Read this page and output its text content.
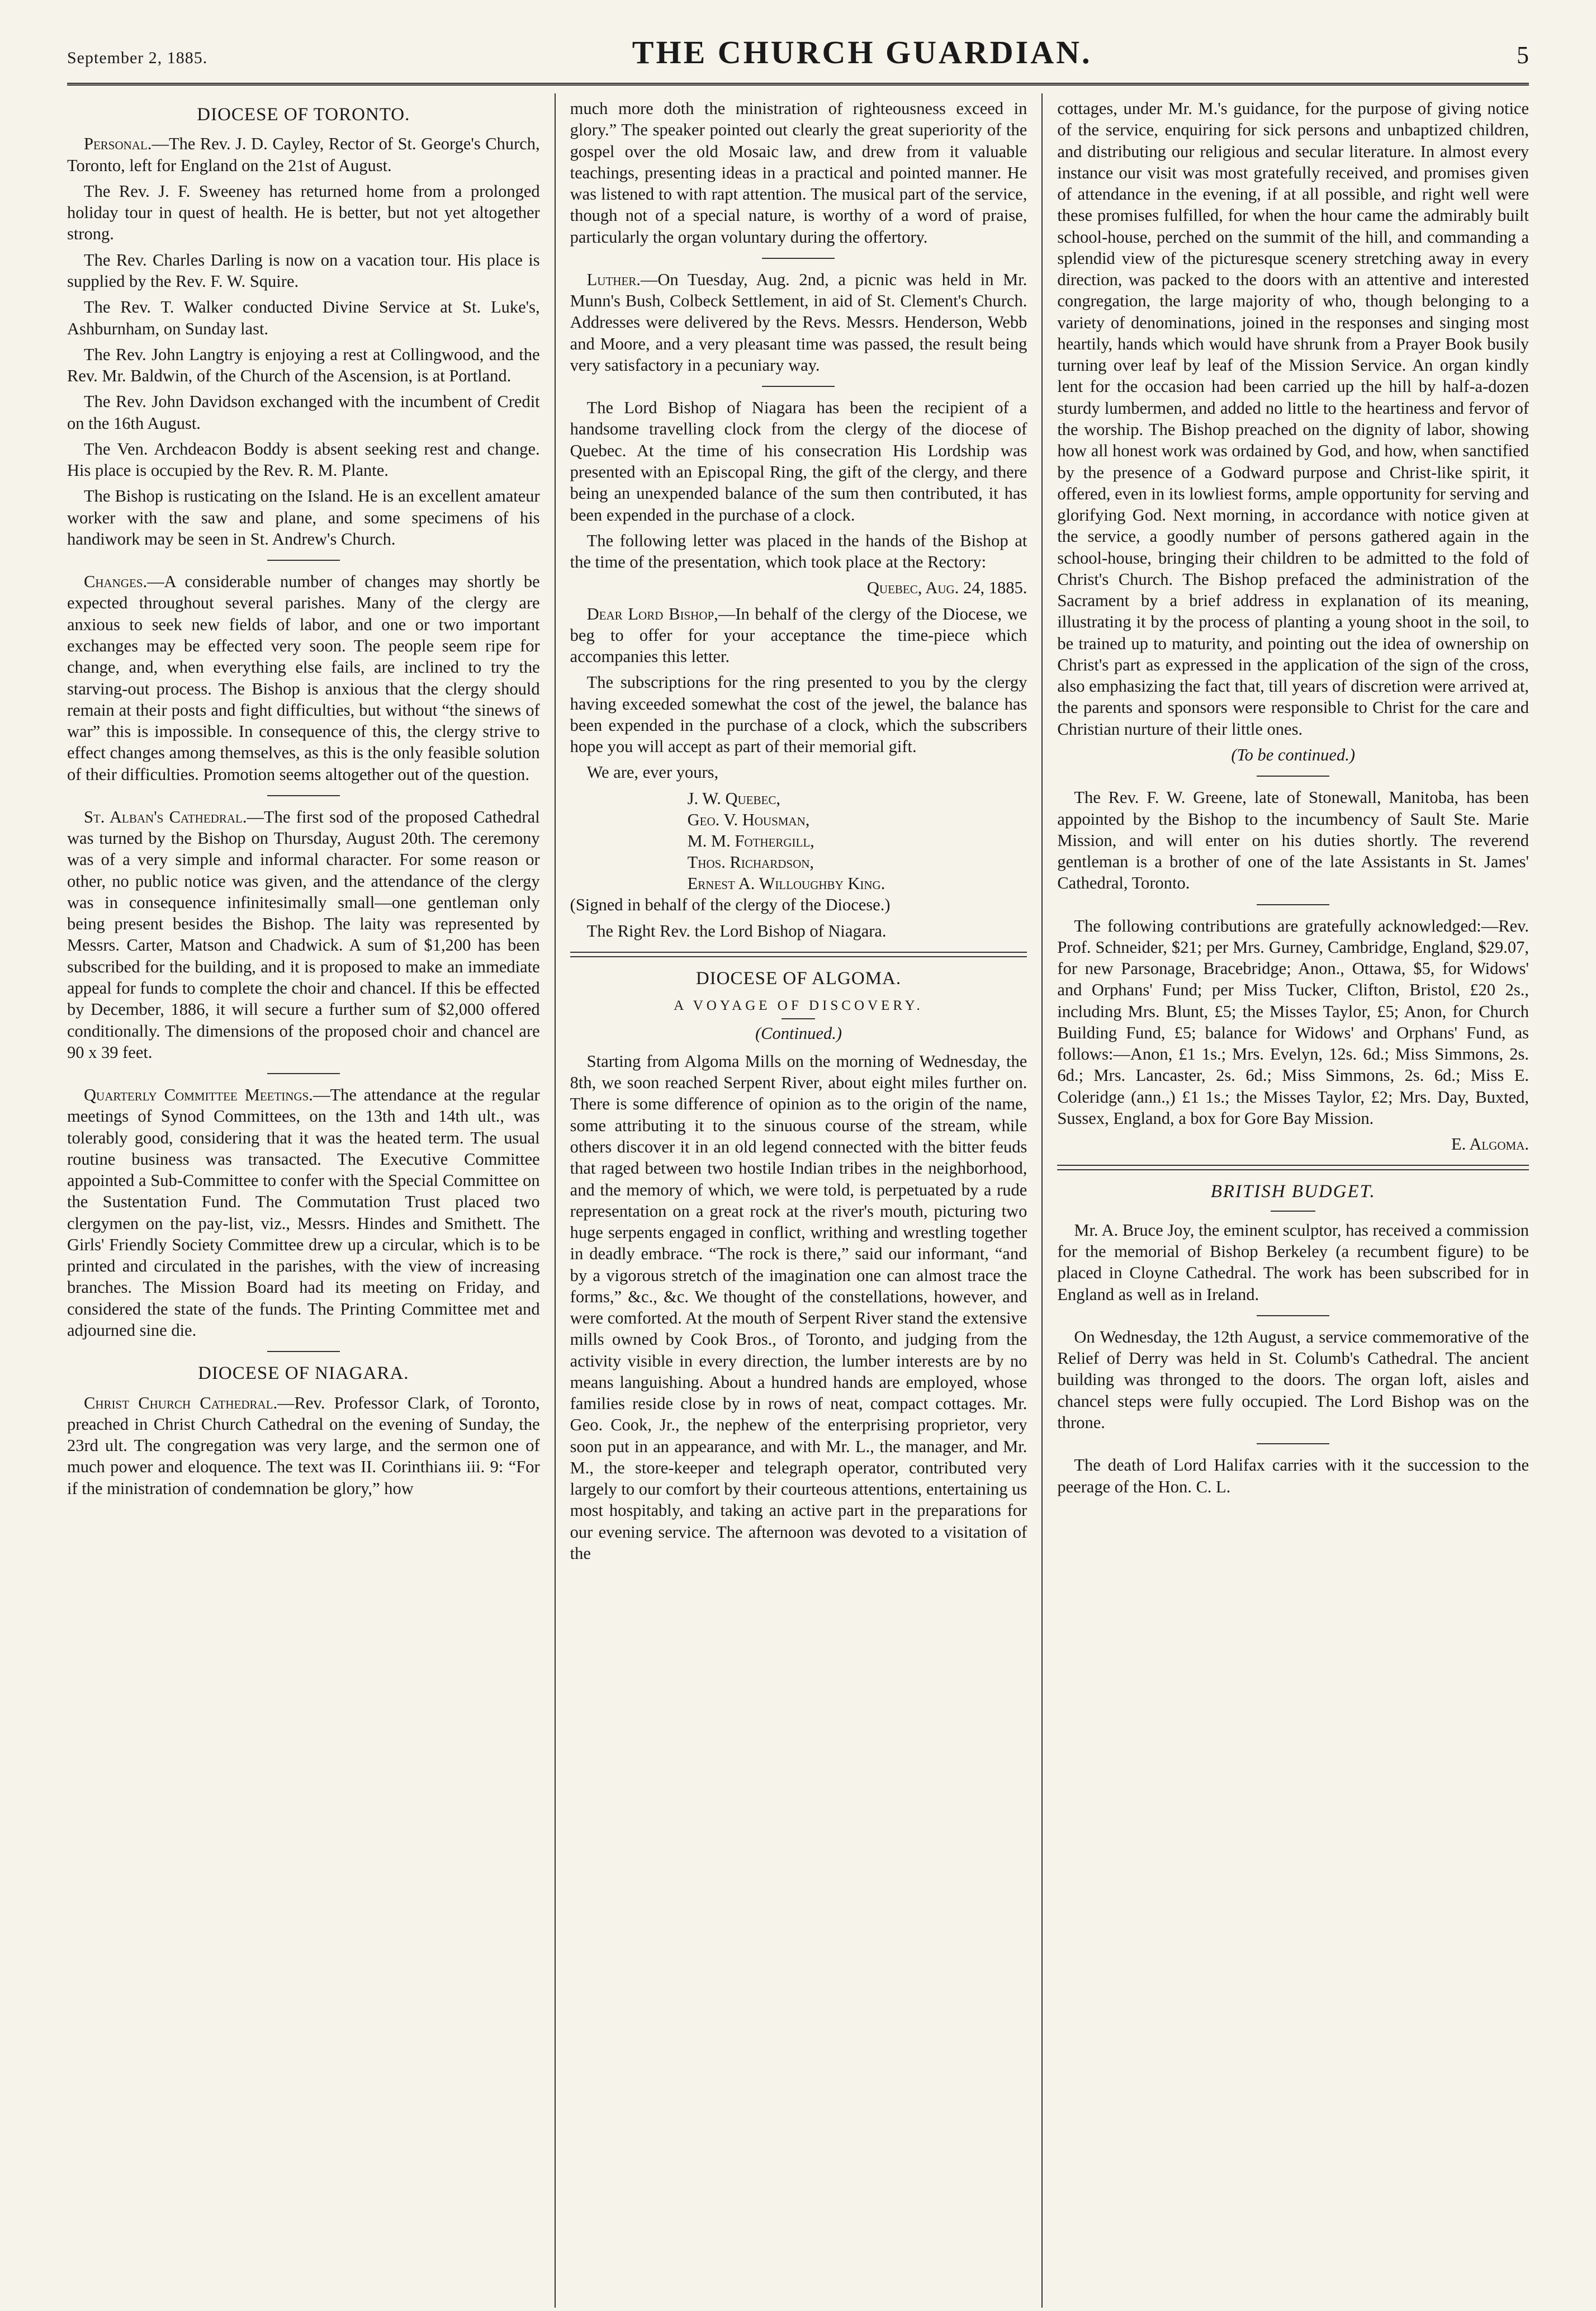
September 2, 1885.	THE CHURCH GUARDIAN.	5
DIOCESE OF TORONTO.

Personal.—The Rev. J. D. Cayley, Rector of St. George's Church, Toronto, left for England on the 21st of August.

The Rev. J. F. Sweeney has returned home from a prolonged holiday tour in quest of health. He is better, but not yet altogether strong.

The Rev. Charles Darling is now on a vacation tour. His place is supplied by the Rev. F. W. Squire.

The Rev. T. Walker conducted Divine Service at St. Luke's, Ashburnham, on Sunday last.

The Rev. John Langtry is enjoying a rest at Collingwood, and the Rev. Mr. Baldwin, of the Church of the Ascension, is at Portland.

The Rev. John Davidson exchanged with the incumbent of Credit on the 16th August.

The Ven. Archdeacon Boddy is absent seeking rest and change. His place is occupied by the Rev. R. M. Plante.

The Bishop is rusticating on the Island. He is an excellent amateur worker with the saw and plane, and some specimens of his handiwork may be seen in St. Andrew's Church.

Changes.—A considerable number of changes may shortly be expected throughout several parishes. Many of the clergy are anxious to seek new fields of labor, and one or two important exchanges may be effected very soon. The people seem ripe for change, and, when everything else fails, are inclined to try the starving-out process. The Bishop is anxious that the clergy should remain at their posts and fight difficulties, but without “the sinews of war” this is impossible. In consequence of this, the clergy strive to effect changes among themselves, as this is the only feasible solution of their difficulties. Promotion seems altogether out of the question.

St. Alban's Cathedral.—The first sod of the proposed Cathedral was turned by the Bishop on Thursday, August 20th. The ceremony was of a very simple and informal character. For some reason or other, no public notice was given, and the attendance of the clergy was in consequence infinitesimally small—one gentleman only being present besides the Bishop. The laity was represented by Messrs. Carter, Matson and Chadwick. A sum of $1,200 has been subscribed for the building, and it is proposed to make an immediate appeal for funds to complete the choir and chancel. If this be effected by December, 1886, it will secure a further sum of $2,000 offered conditionally. The dimensions of the proposed choir and chancel are 90 x 39 feet.

Quarterly Committee Meetings.—The attendance at the regular meetings of Synod Committees, on the 13th and 14th ult., was tolerably good, considering that it was the heated term. The usual routine business was transacted. The Executive Committee appointed a Sub-Committee to confer with the Special Committee on the Sustentation Fund. The Commutation Trust placed two clergymen on the pay-list, viz., Messrs. Hindes and Smithett. The Girls' Friendly Society Committee drew up a circular, which is to be printed and circulated in the parishes, with the view of increasing branches. The Mission Board had its meeting on Friday, and considered the state of the funds. The Printing Committee met and adjourned sine die.

DIOCESE OF NIAGARA.

Christ Church Cathedral.—Rev. Professor Clark, of Toronto, preached in Christ Church Cathedral on the evening of Sunday, the 23rd ult. The congregation was very large, and the sermon one of much power and eloquence. The text was II. Corinthians iii. 9: “For if the ministration of condemnation be glory,” how

much more doth the ministration of righteousness exceed in glory.” The speaker pointed out clearly the great superiority of the gospel over the old Mosaic law, and drew from it valuable teachings, presenting ideas in a practical and pointed manner. He was listened to with rapt attention. The musical part of the service, though not of a special nature, is worthy of a word of praise, particularly the organ voluntary during the offertory.

Luther.—On Tuesday, Aug. 2nd, a picnic was held in Mr. Munn's Bush, Colbeck Settlement, in aid of St. Clement's Church. Addresses were delivered by the Revs. Messrs. Henderson, Webb and Moore, and a very pleasant time was passed, the result being very satisfactory in a pecuniary way.

The Lord Bishop of Niagara has been the recipient of a handsome travelling clock from the clergy of the diocese of Quebec. At the time of his consecration His Lordship was presented with an Episcopal Ring, the gift of the clergy, and there being an unexpended balance of the sum then contributed, it has been expended in the purchase of a clock.

The following letter was placed in the hands of the Bishop at the time of the presentation, which took place at the Rectory:

Quebec, Aug. 24, 1885.

Dear Lord Bishop,—In behalf of the clergy of the Diocese, we beg to offer for your acceptance the time-piece which accompanies this letter.

The subscriptions for the ring presented to you by the clergy having exceeded somewhat the cost of the jewel, the balance has been expended in the purchase of a clock, which the subscribers hope you will accept as part of their memorial gift.

We are, ever yours,

J. W. Quebec,
Geo. V. Housman,
M. M. Fothergill,
Thos. Richardson,
Ernest A. Willoughby King.

(Signed in behalf of the clergy of the Diocese.)

The Right Rev. the Lord Bishop of Niagara.

DIOCESE OF ALGOMA.
A VOYAGE OF DISCOVERY.
(Continued.)

Starting from Algoma Mills on the morning of Wednesday, the 8th, we soon reached Serpent River, about eight miles further on. There is some difference of opinion as to the origin of the name, some attributing it to the sinuous course of the stream, while others discover it in an old legend connected with the bitter feuds that raged between two hostile Indian tribes in the neighborhood, and the memory of which, we were told, is perpetuated by a rude representation on a great rock at the river's mouth, picturing two huge serpents engaged in conflict, writhing and wrestling together in deadly embrace. “The rock is there,” said our informant, “and by a vigorous stretch of the imagination one can almost trace the forms,” &c., &c. We thought of the constellations, however, and were comforted. At the mouth of Serpent River stand the extensive mills owned by Cook Bros., of Toronto, and judging from the activity visible in every direction, the lumber interests are by no means languishing. About a hundred hands are employed, whose families reside close by in rows of neat, compact cottages. Mr. Geo. Cook, Jr., the nephew of the enterprising proprietor, very soon put in an appearance, and with Mr. L., the manager, and Mr. M., the store-keeper and telegraph operator, contributed very largely to our comfort by their courteous attentions, entertaining us most hospitably, and taking an active part in the preparations for our evening service. The afternoon was devoted to a visitation of the

cottages, under Mr. M.'s guidance, for the purpose of giving notice of the service, enquiring for sick persons and unbaptized children, and distributing our religious and secular literature. In almost every instance our visit was most gratefully received, and promises given of attendance in the evening, if at all possible, and right well were these promises fulfilled, for when the hour came the admirably built school-house, perched on the summit of the hill, and commanding a splendid view of the picturesque scenery stretching away in every direction, was packed to the doors with an attentive and interested congregation, the large majority of who, though belonging to a variety of denominations, joined in the responses and singing most heartily, hands which would have shrunk from a Prayer Book busily turning over leaf by leaf of the Mission Service. An organ kindly lent for the occasion had been carried up the hill by half-a-dozen sturdy lumbermen, and added no little to the heartiness and fervor of the worship. The Bishop preached on the dignity of labor, showing how all honest work was ordained by God, and how, when sanctified by the presence of a Godward purpose and Christ-like spirit, it offered, even in its lowliest forms, ample opportunity for serving and glorifying God. Next morning, in accordance with notice given at the service, a goodly number of persons gathered again in the school-house, bringing their children to be admitted to the fold of Christ's Church. The Bishop prefaced the administration of the Sacrament by a brief address in explanation of its meaning, illustrating it by the process of planting a young shoot in the soil, to be trained up to maturity, and pointing out the idea of ownership on Christ's part as expressed in the application of the sign of the cross, also emphasizing the fact that, till years of discretion were arrived at, the parents and sponsors were responsible to Christ for the care and Christian nurture of their little ones.

(To be continued.)

The Rev. F. W. Greene, late of Stonewall, Manitoba, has been appointed by the Bishop to the incumbency of Sault Ste. Marie Mission, and will enter on his duties shortly. The reverend gentleman is a brother of one of the late Assistants in St. James' Cathedral, Toronto.

The following contributions are gratefully acknowledged:—Rev. Prof. Schneider, $21; per Mrs. Gurney, Cambridge, England, $29.07, for new Parsonage, Bracebridge; Anon., Ottawa, $5, for Widows' and Orphans' Fund; per Miss Tucker, Clifton, Bristol, £20 2s., including Mrs. Blunt, £5; the Misses Taylor, £5; Anon, for Church Building Fund, £5; balance for Widows' and Orphans' Fund, as follows:—Anon, £1 1s.; Mrs. Evelyn, 12s. 6d.; Miss Simmons, 2s. 6d.; Mrs. Lancaster, 2s. 6d.; Miss Simmons, 2s. 6d.; Miss E. Coleridge (ann.,) £1 1s.; the Misses Taylor, £2; Mrs. Day, Buxted, Sussex, England, a box for Gore Bay Mission.

E. Algoma.
BRITISH BUDGET.

Mr. A. Bruce Joy, the eminent sculptor, has received a commission for the memorial of Bishop Berkeley (a recumbent figure) to be placed in Cloyne Cathedral. The work has been subscribed for in England as well as in Ireland.

On Wednesday, the 12th August, a service commemorative of the Relief of Derry was held in St. Columb's Cathedral. The ancient building was thronged to the doors. The organ loft, aisles and chancel steps were fully occupied. The Lord Bishop was on the throne.

The death of Lord Halifax carries with it the succession to the peerage of the Hon. C. L.
